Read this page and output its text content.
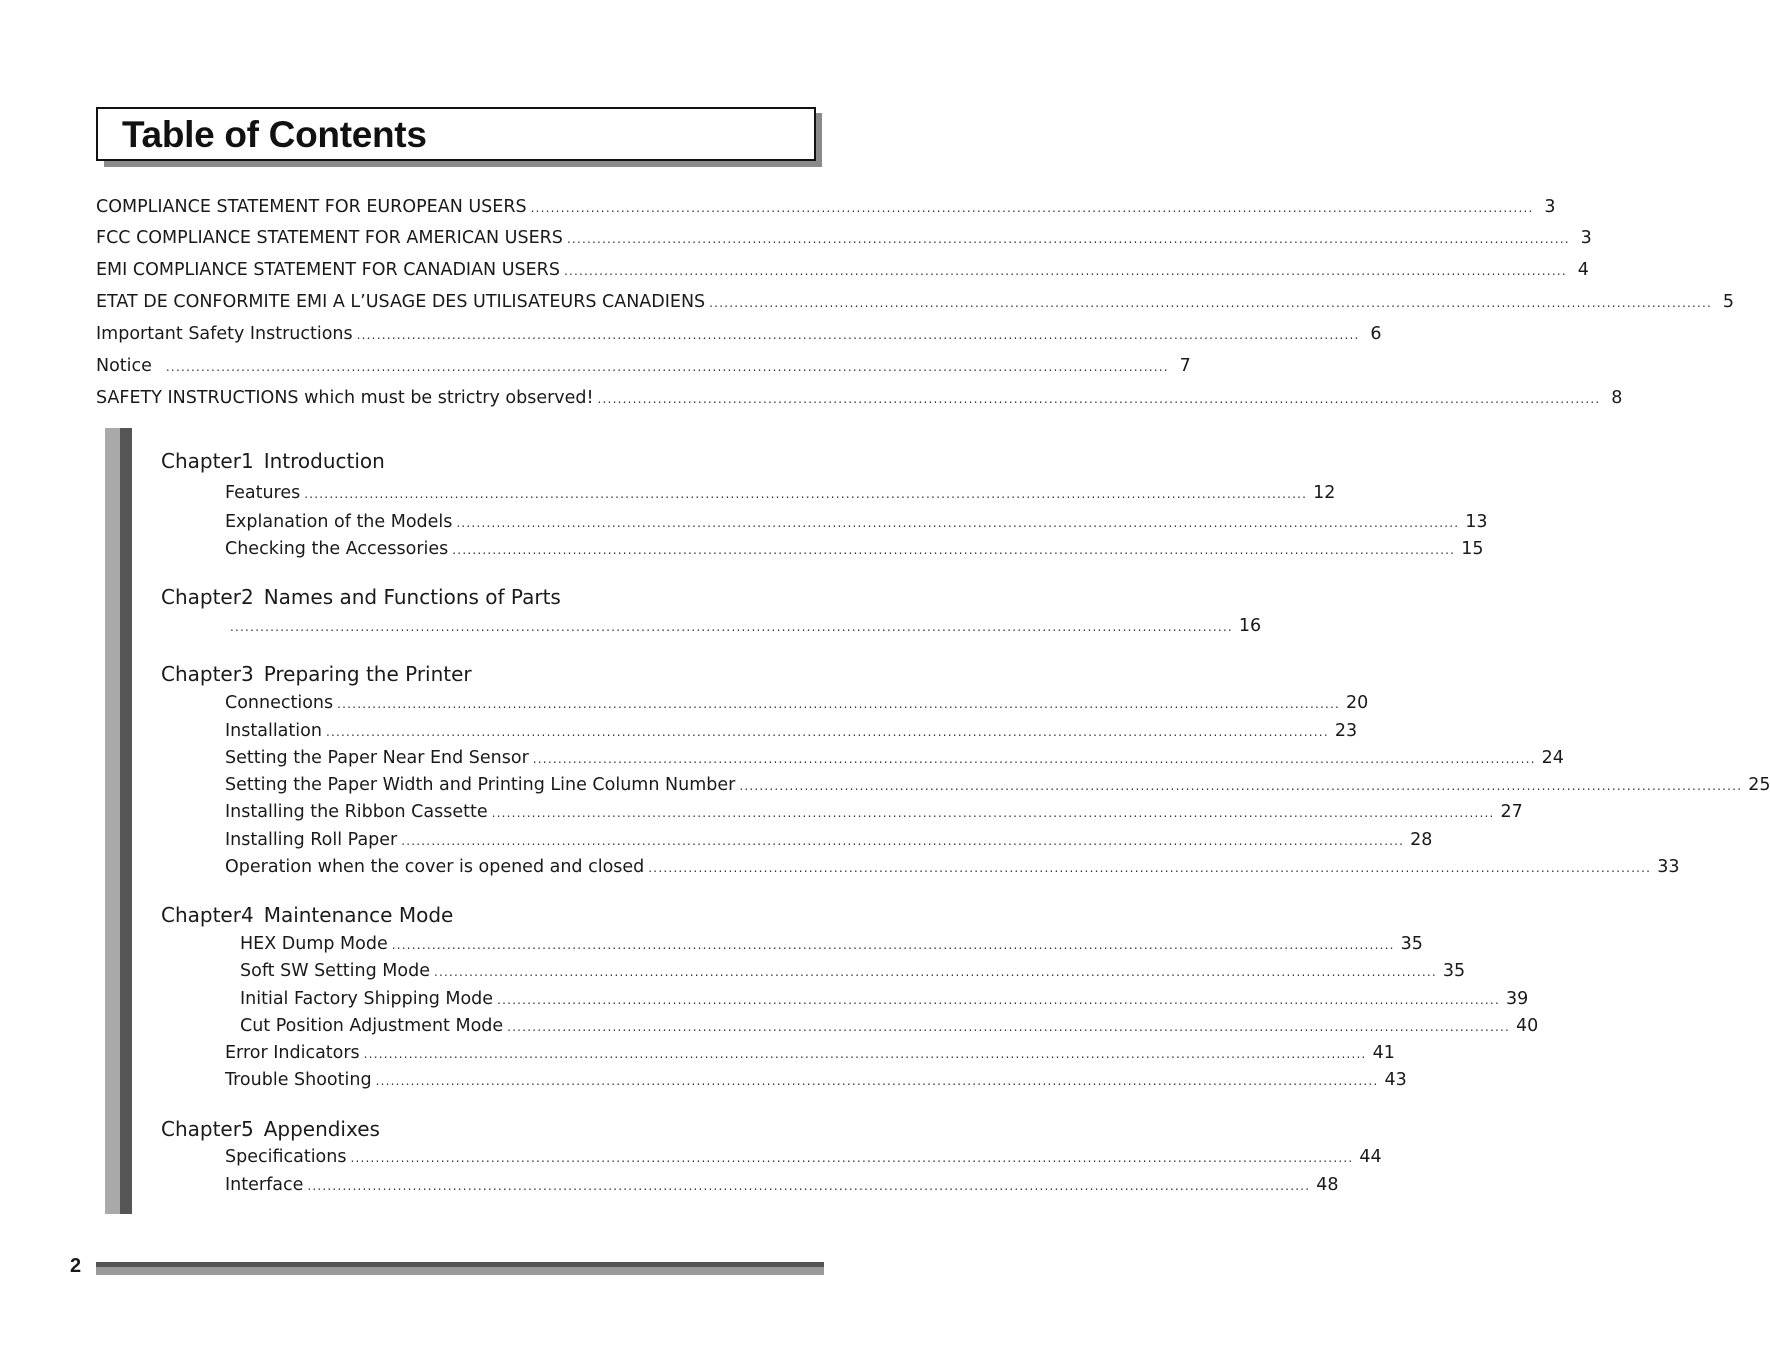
Table of Contents
COMPLIANCE STATEMENT FOR EUROPEAN USERS ........................................................................................................................................................................................................ 3
FCC COMPLIANCE STATEMENT FOR AMERICAN USERS ........................................................................................................................................................................................................ 3
EMI COMPLIANCE STATEMENT FOR CANADIAN USERS ........................................................................................................................................................................................................ 4
ETAT DE CONFORMITE EMI A L’USAGE DES UTILISATEURS CANADIENS ........................................................................................................................................................................................................ 5
Important Safety Instructions ........................................................................................................................................................................................................ 6
Notice	........................................................................................................................................................................................................ 7
SAFETY INSTRUCTIONS which must be strictry observed! ........................................................................................................................................................................................................ 8
Chapter1 Introduction
Features ........................................................................................................................................................................................................ 12
Explanation of the Models ........................................................................................................................................................................................................ 13
Checking the Accessories ........................................................................................................................................................................................................ 15
Chapter2 Names and Functions of Parts
........................................................................................................................................................................................................ 16
Chapter3 Preparing the Printer
Connections ........................................................................................................................................................................................................ 20
Installation ........................................................................................................................................................................................................ 23
Setting the Paper Near End Sensor ........................................................................................................................................................................................................ 24
Setting the Paper Width and Printing Line Column Number ........................................................................................................................................................................................................ 25
Installing the Ribbon Cassette ........................................................................................................................................................................................................ 27
Installing Roll Paper ........................................................................................................................................................................................................ 28
Operation when the cover is opened and closed ........................................................................................................................................................................................................ 33
Chapter4 Maintenance Mode
HEX Dump Mode ........................................................................................................................................................................................................ 35
Soft SW Setting Mode ........................................................................................................................................................................................................ 35
Initial Factory Shipping Mode ........................................................................................................................................................................................................ 39
Cut Position Adjustment Mode ........................................................................................................................................................................................................ 40
Error Indicators ........................................................................................................................................................................................................ 41
Trouble Shooting ........................................................................................................................................................................................................ 43
Chapter5 Appendixes
Specifications ........................................................................................................................................................................................................ 44
Interface ........................................................................................................................................................................................................ 48
2
